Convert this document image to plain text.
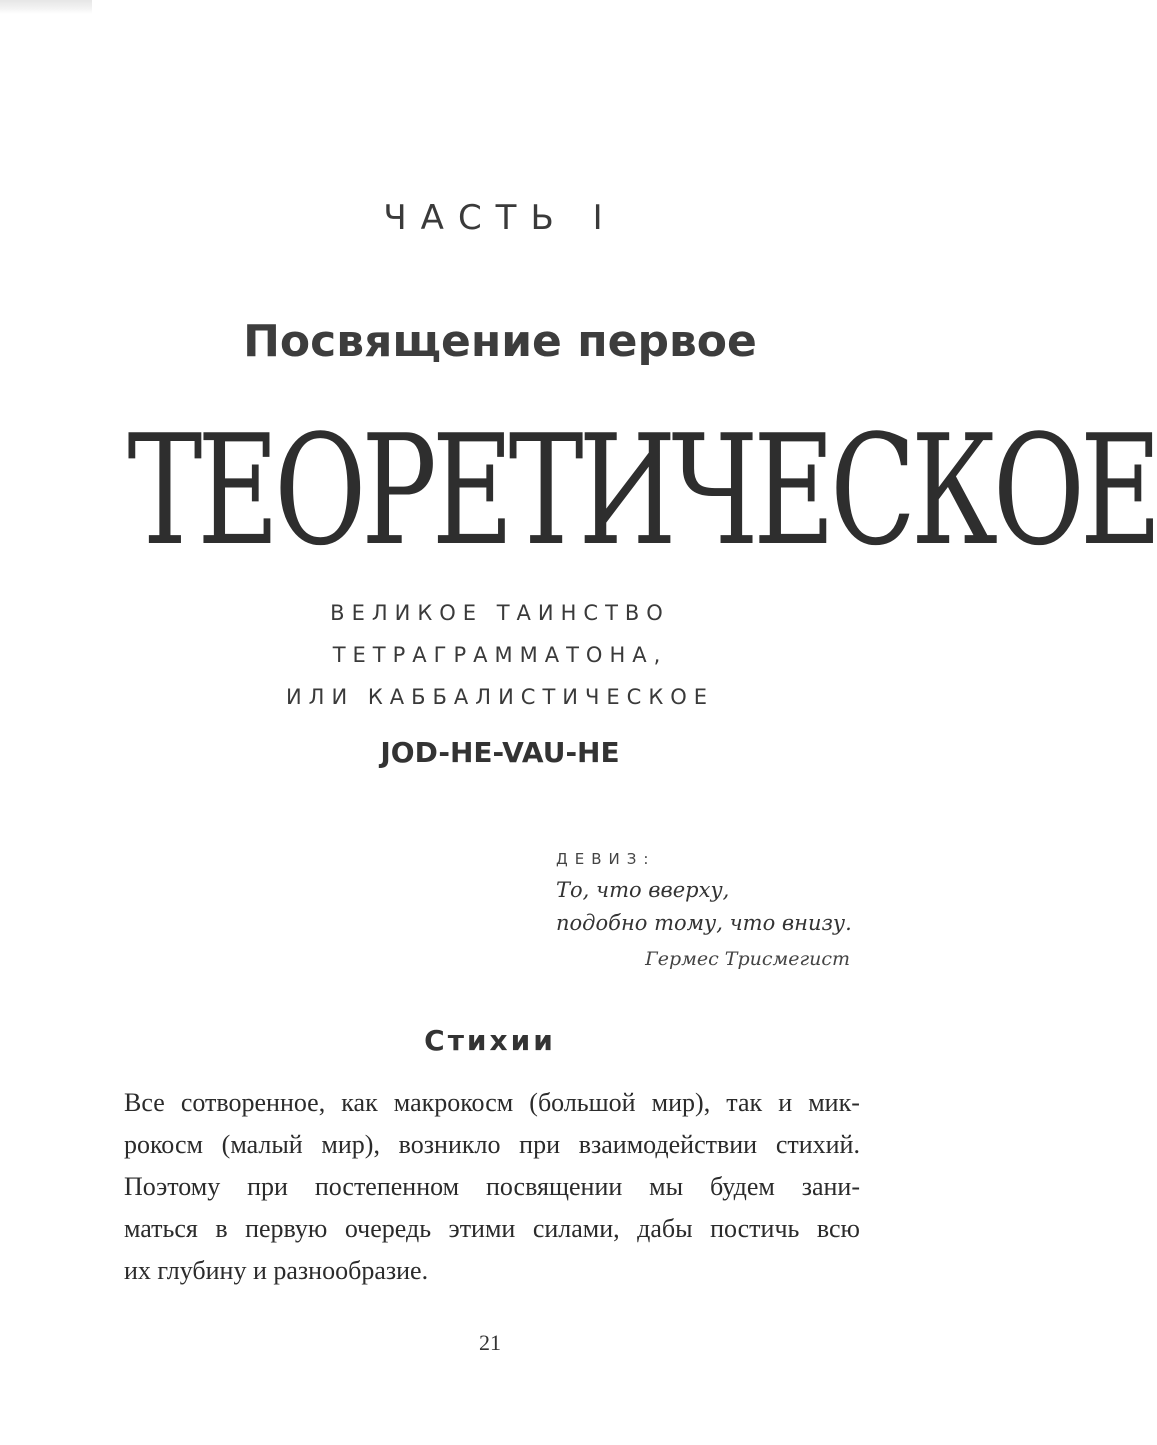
ЧАСТЬ I
Посвящение первое
ТЕОРЕТИЧЕСКОЕ
ВЕЛИКОЕ ТАИНСТВО
ТЕТРАГРАММАТОНА,
ИЛИ КАББАЛИСТИЧЕСКОЕ
JOD-HE-VAU-HE
ДЕВИЗ:
То, что вверху,
подобно тому, что внизу.
Гермес Трисмегист
Стихии
Все сотворенное, как макрокосм (большой мир), так и мик-
рокосм (малый мир), возникло при взаимодействии стихий.
Поэтому при постепенном посвящении мы будем зани-
маться в первую очередь этими силами, дабы постичь всю
их глубину и разнообразие.
21
